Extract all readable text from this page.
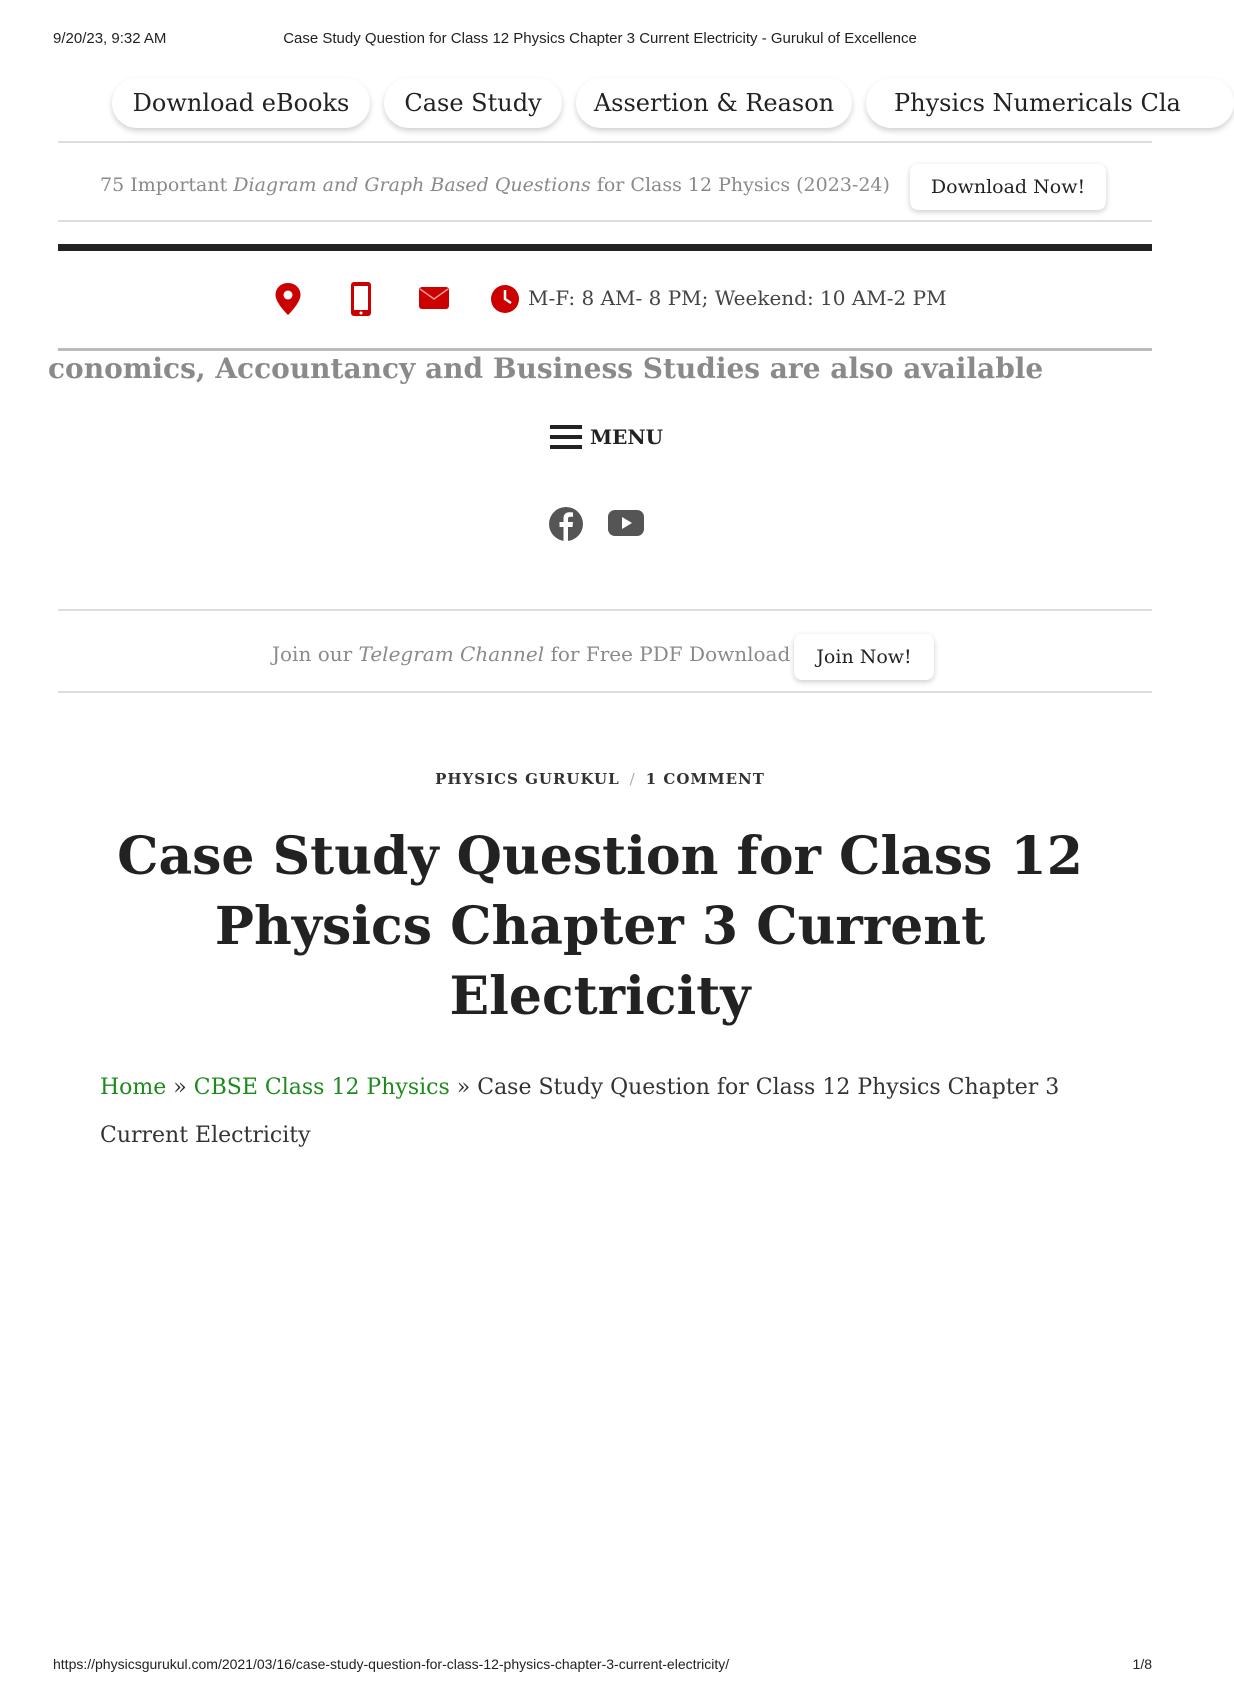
9/20/23, 9:32 AM	Case Study Question for Class 12 Physics Chapter 3 Current Electricity - Gurukul of Excellence
Download eBooks	Case Study	Assertion & Reason	Physics Numericals Cla
75 Important Diagram and Graph Based Questions for Class 12 Physics (2023-24)	Download Now!
M-F: 8 AM- 8 PM; Weekend: 10 AM-2 PM
conomics, Accountancy and Business Studies are also available
MENU
Join our Telegram Channel for Free PDF Download	Join Now!
PHYSICS GURUKUL / 1 COMMENT
Case Study Question for Class 12 Physics Chapter 3 Current Electricity
Home » CBSE Class 12 Physics » Case Study Question for Class 12 Physics Chapter 3 Current Electricity
https://physicsgurukul.com/2021/03/16/case-study-question-for-class-12-physics-chapter-3-current-electricity/	1/8
